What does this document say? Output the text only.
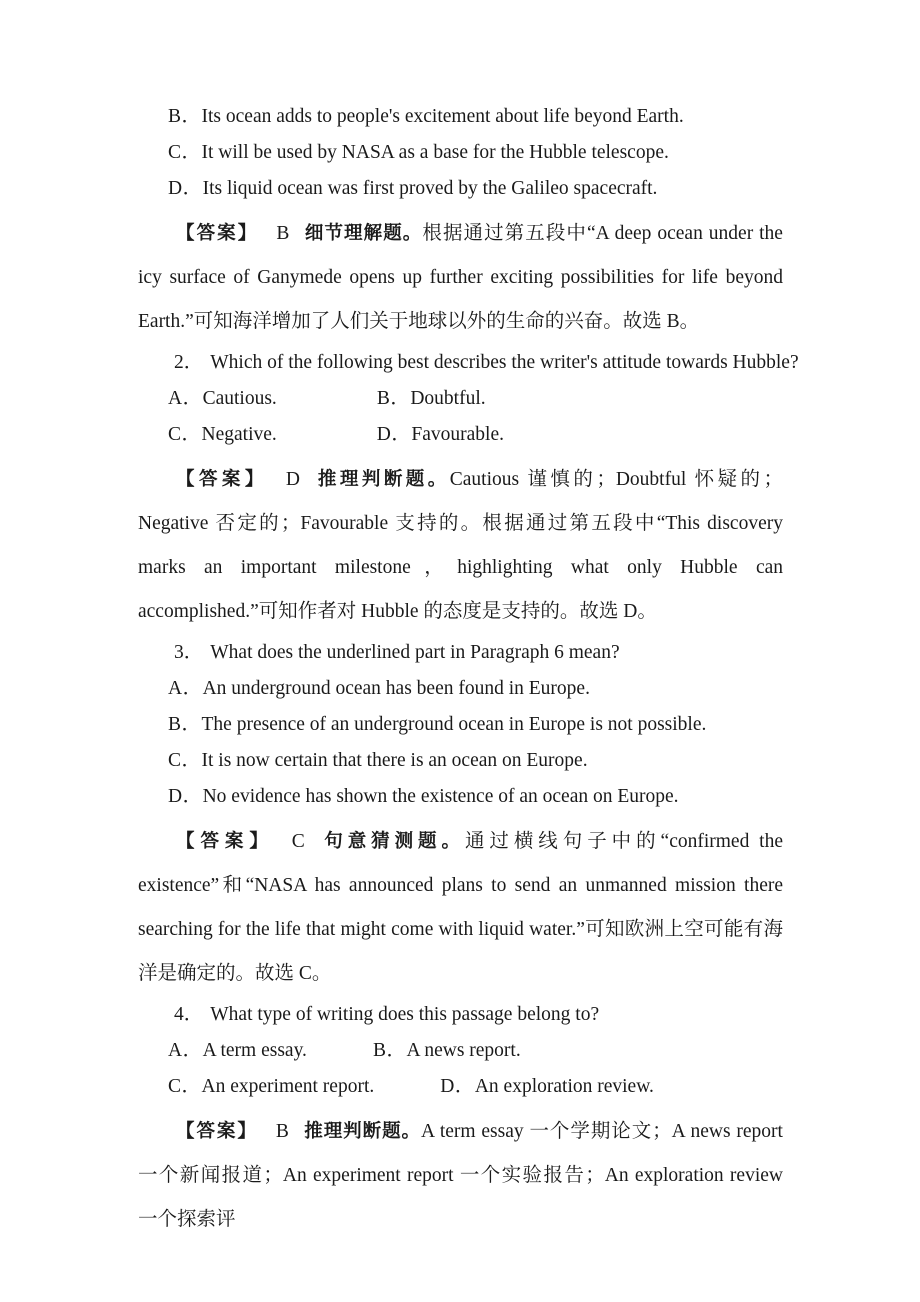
B． Its ocean adds to people's excitement about life beyond Earth.
C． It will be used by NASA as a base for the Hubble telescope.
D． Its liquid ocean was first proved by the Galileo spacecraft.

【答案】 B 细节理解题。根据通过第五段中“A deep ocean under the icy surface of Ganymede opens up further exciting possibilities for life beyond Earth.”可知海洋增加了人们关于地球以外的生命的兴奋。故选 B。

2． Which of the following best describes the writer's attitude towards Hubble?
A． Cautious.	B． Doubtful.
C． Negative.	D． Favourable.

【答案】 D 推理判断题。Cautious 谨慎的；Doubtful 怀疑的；Negative 否定的；Favourable 支持的。根据通过第五段中“This discovery marks an important milestone，highlighting what only Hubble can accomplished.”可知作者对 Hubble 的态度是支持的。故选 D。

3． What does the underlined part in Paragraph 6 mean?
A． An underground ocean has been found in Europe.
B． The presence of an underground ocean in Europe is not possible.
C． It is now certain that there is an ocean on Europe.
D． No evidence has shown the existence of an ocean on Europe.

【答案】 C 句意猜测题。通过横线句子中的“confirmed the existence”和“NASA has announced plans to send an unmanned mission there searching for the life that might come with liquid water.”可知欧洲上空可能有海洋是确定的。故选 C。

4． What type of writing does this passage belong to?
A． A term essay.	B． A news report.
C． An experiment report.	D． An exploration review.

【答案】 B 推理判断题。A term essay 一个学期论文；A news report 一个新闻报道；An experiment report 一个实验报告；An exploration review 一个探索评
